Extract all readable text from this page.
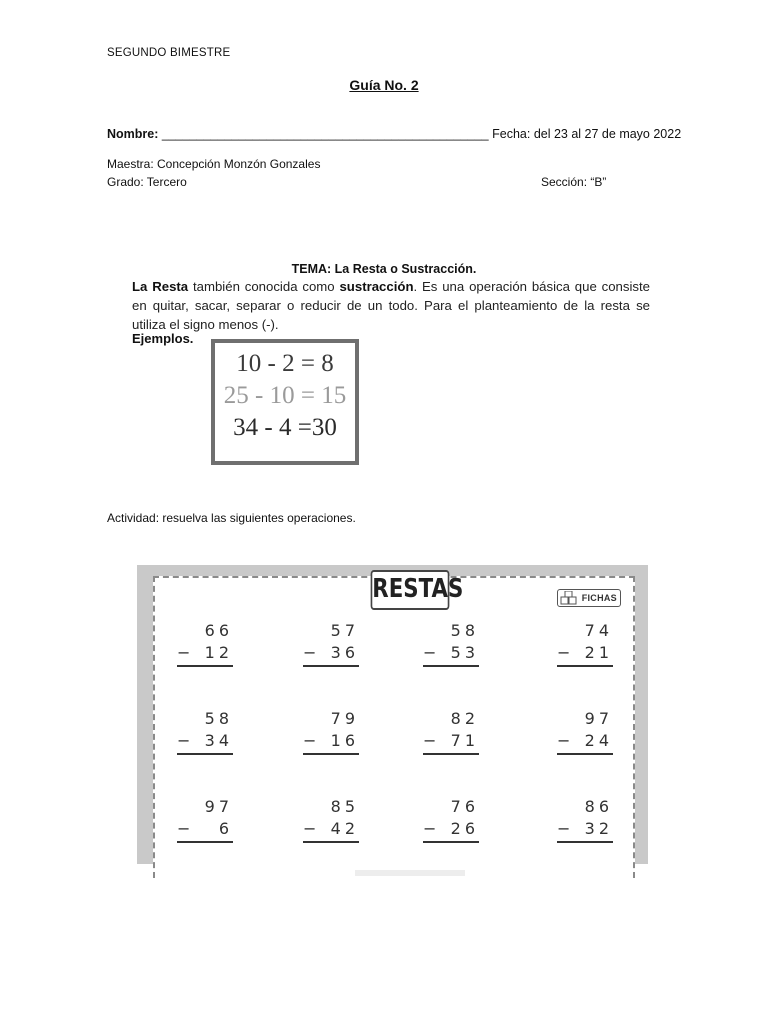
SEGUNDO BIMESTRE
Guía No. 2
Nombre: _______________________________________________ Fecha: del 23 al 27 de mayo 2022
Maestra: Concepción Monzón Gonzales
Grado: Tercero	Sección: “B”
TEMA: La Resta o Sustracción.
La Resta también conocida como sustracción. Es una operación básica que consiste en quitar, sacar, separar o reducir de un todo. Para el planteamiento de la resta se utiliza el signo menos (-).
Ejemplos.
10 - 2 = 8
25 - 10 = 15
34 - 4 =30
Actividad: resuelva las siguientes operaciones.
RESTAS	FICHAS
66
− 12
57
− 36
58
− 53
74
− 21
58
− 34
79
− 16
82
− 71
97
− 24
97
− 6
85
− 42
76
− 26
86
− 32
